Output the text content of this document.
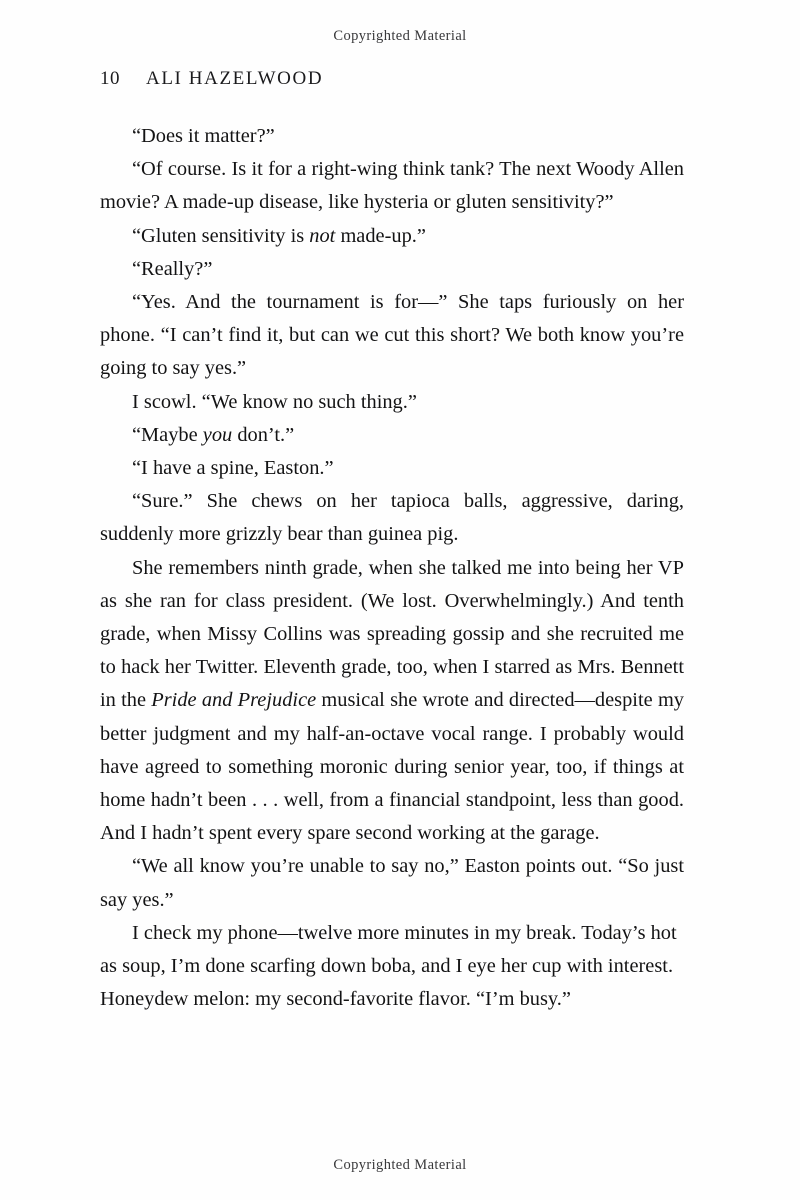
Copyrighted Material
10 ALI HAZELWOOD

“Does it matter?”

“Of course. Is it for a right-wing think tank? The next Woody Allen movie? A made-up disease, like hysteria or gluten sensitivity?”

“Gluten sensitivity is not made-up.”

“Really?”

“Yes. And the tournament is for—” She taps furiously on her phone. “I can’t find it, but can we cut this short? We both know you’re going to say yes.”

I scowl. “We know no such thing.”

“Maybe you don’t.”

“I have a spine, Easton.”

“Sure.” She chews on her tapioca balls, aggressive, daring, suddenly more grizzly bear than guinea pig.

She remembers ninth grade, when she talked me into being her VP as she ran for class president. (We lost. Overwhelmingly.) And tenth grade, when Missy Collins was spreading gossip and she recruited me to hack her Twitter. Eleventh grade, too, when I starred as Mrs. Bennett in the Pride and Prejudice musical she wrote and directed—despite my better judgment and my half-an-octave vocal range. I probably would have agreed to something moronic during senior year, too, if things at home hadn’t been . . . well, from a financial standpoint, less than good. And I hadn’t spent every spare second working at the garage.

“We all know you’re unable to say no,” Easton points out. “So just say yes.”

I check my phone—twelve more minutes in my break. Today’s hot as soup, I’m done scarfing down boba, and I eye her cup with interest. Honeydew melon: my second-favorite flavor. “I’m busy.”

Copyrighted Material
